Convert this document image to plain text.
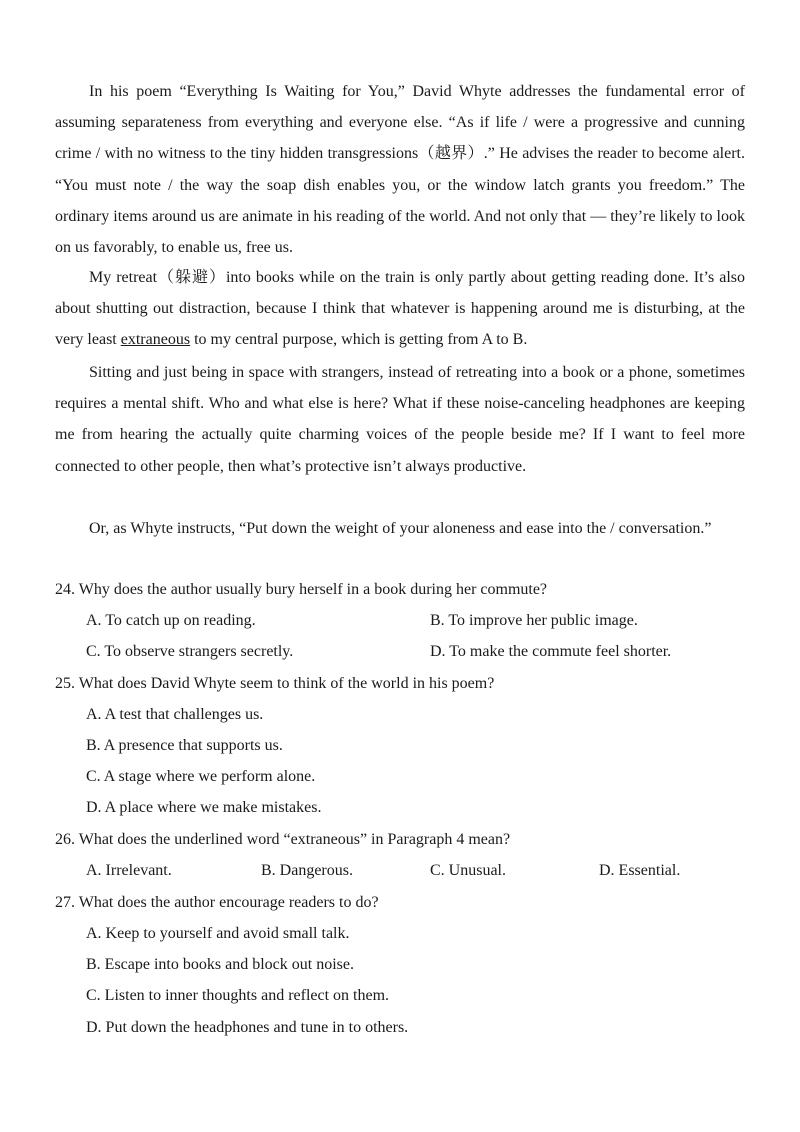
In his poem “Everything Is Waiting for You,” David Whyte addresses the fundamental error of assuming separateness from everything and everyone else. “As if life / were a progressive and cunning crime / with no witness to the tiny hidden transgressions（越界）.” He advises the reader to become alert. “You must note / the way the soap dish enables you, or the window latch grants you freedom.” The ordinary items around us are animate in his reading of the world. And not only that — they’re likely to look on us favorably, to enable us, free us.

My retreat（躲避）into books while on the train is only partly about getting reading done. It’s also about shutting out distraction, because I think that whatever is happening around me is disturbing, at the very least extraneous to my central purpose, which is getting from A to B.

Sitting and just being in space with strangers, instead of retreating into a book or a phone, sometimes requires a mental shift. Who and what else is here? What if these noise-canceling headphones are keeping me from hearing the actually quite charming voices of the people beside me? If I want to feel more connected to other people, then what’s protective isn’t always productive.

Or, as Whyte instructs, “Put down the weight of your aloneness and ease into the / conversation.”

24. Why does the author usually bury herself in a book during her commute?

A. To catch up on reading.	B. To improve her public image.

C. To observe strangers secretly.	D. To make the commute feel shorter.

25. What does David Whyte seem to think of the world in his poem?

A. A test that challenges us.

B. A presence that supports us.

C. A stage where we perform alone.

D. A place where we make mistakes.

26. What does the underlined word “extraneous” in Paragraph 4 mean?

A. Irrelevant.	B. Dangerous.	C. Unusual.	D. Essential.

27. What does the author encourage readers to do?

A. Keep to yourself and avoid small talk.

B. Escape into books and block out noise.

C. Listen to inner thoughts and reflect on them.

D. Put down the headphones and tune in to others.
